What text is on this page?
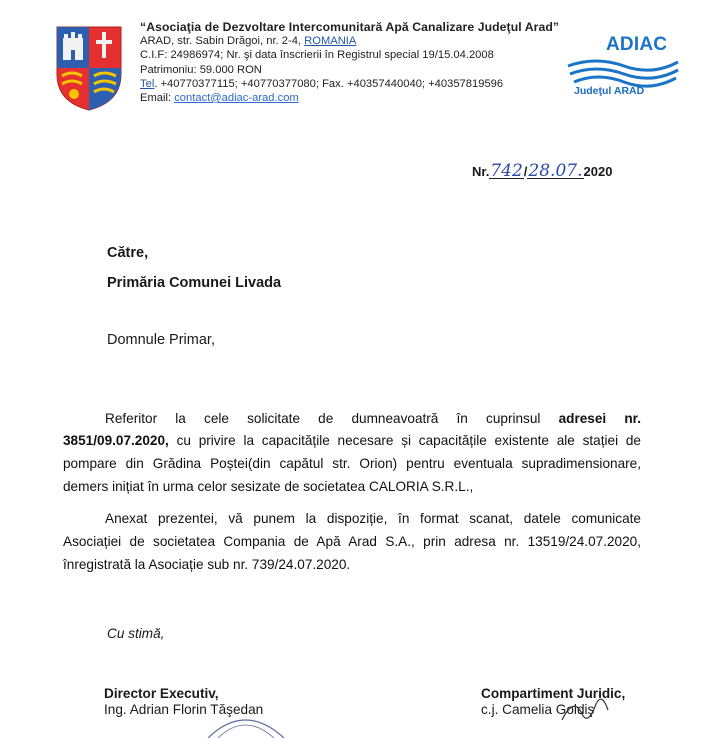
“Asociaţia de Dezvoltare Intercomunitară Apă Canalizare Judeţul Arad”
ARAD, str. Sabin Drăgoi, nr. 2-4, ROMANIA
C.I.F: 24986974; Nr. şi data înscrierii în Registrul special 19/15.04.2008
Patrimoniu: 59.000 RON
Tel. +40770377115; +40770377080; Fax. +40357440040; +40357819596
Email: contact@adiac-arad.com
ADIAC
Judeţul ARAD
Nr.742/28.07.2020
Către,
Primăria Comunei Livada
Domnule Primar,
Referitor la cele solicitate de dumneavoatră în cuprinsul adresei nr.
3851/09.07.2020, cu privire la capacitățile necesare și capacitățile existente ale stației de
pompare din Grădina Poștei(din capătul str. Orion) pentru eventuala supradimensionare,
demers inițiat în urma celor sesizate de societatea CALORIA S.R.L.,
Anexat prezentei, vă punem la dispoziție, în format scanat, datele comunicate
Asociației de societatea Compania de Apă Arad S.A., prin adresa nr. 13519/24.07.2020,
înregistrată la Asociație sub nr. 739/24.07.2020.
Cu stimă,
Director Executiv,
Ing. Adrian Florin Tăşedan
Compartiment Juridic,
c.j. Camelia Goldiş
